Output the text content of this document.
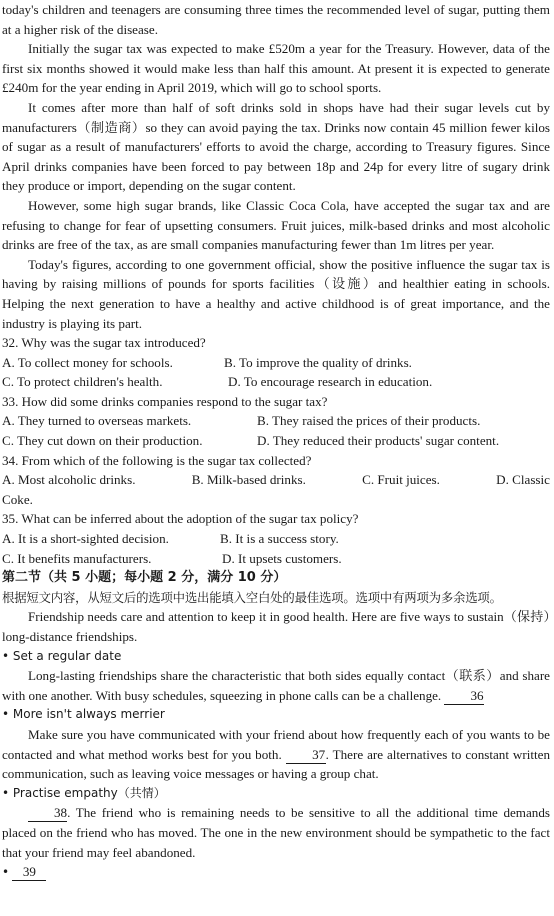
today's children and teenagers are consuming three times the recommended level of sugar, putting them at a higher risk of the disease.

Initially the sugar tax was expected to make £520m a year for the Treasury. However, data of the first six months showed it would make less than half this amount. At present it is expected to generate £240m for the year ending in April 2019, which will go to school sports.

It comes after more than half of soft drinks sold in shops have had their sugar levels cut by manufacturers（制造商）so they can avoid paying the tax. Drinks now contain 45 million fewer kilos of sugar as a result of manufacturers' efforts to avoid the charge, according to Treasury figures. Since April drinks companies have been forced to pay between 18p and 24p for every litre of sugary drink they produce or import, depending on the sugar content.

However, some high sugar brands, like Classic Coca Cola, have accepted the sugar tax and are refusing to change for fear of upsetting consumers. Fruit juices, milk-based drinks and most alcoholic drinks are free of the tax, as are small companies manufacturing fewer than 1m litres per year.

Today's figures, according to one government official, show the positive influence the sugar tax is having by raising millions of pounds for sports facilities（设施）and healthier eating in schools. Helping the next generation to have a healthy and active childhood is of great importance, and the industry is playing its part.

32. Why was the sugar tax introduced?

A. To collect money for schools.	B. To improve the quality of drinks.
C. To protect children's health.	D. To encourage research in education.

33. How did some drinks companies respond to the sugar tax?

A. They turned to overseas markets.	B. They raised the prices of their products.
C. They cut down on their production.	D. They reduced their products' sugar content.

34. From which of the following is the sugar tax collected?

A. Most alcoholic drinks.	B. Milk-based drinks.	C. Fruit juices.	D. Classic

Coke.

35. What can be inferred about the adoption of the sugar tax policy?

A. It is a short-sighted decision.	B. It is a success story.
C. It benefits manufacturers.	D. It upsets customers.

第二节（共 5 小题；每小题 2 分，满分 10 分）

根据短文内容，从短文后的选项中选出能填入空白处的最佳选项。选项中有两项为多余选项。

Friendship needs care and attention to keep it in good health. Here are five ways to sustain（保持）long-distance friendships.

• Set a regular date

Long-lasting friendships share the characteristic that both sides equally contact（联系）and share with one another. With busy schedules, squeezing in phone calls can be a challenge. 36

• More isn't always merrier

Make sure you have communicated with your friend about how frequently each of you wants to be contacted and what method works best for you both. 37. There are alternatives to constant written communication, such as leaving voice messages or having a group chat.

• Practise empathy（共情）

38. The friend who is remaining needs to be sensitive to all the additional time demands placed on the friend who has moved. The one in the new environment should be sympathetic to the fact that your friend may feel abandoned.

• 39
